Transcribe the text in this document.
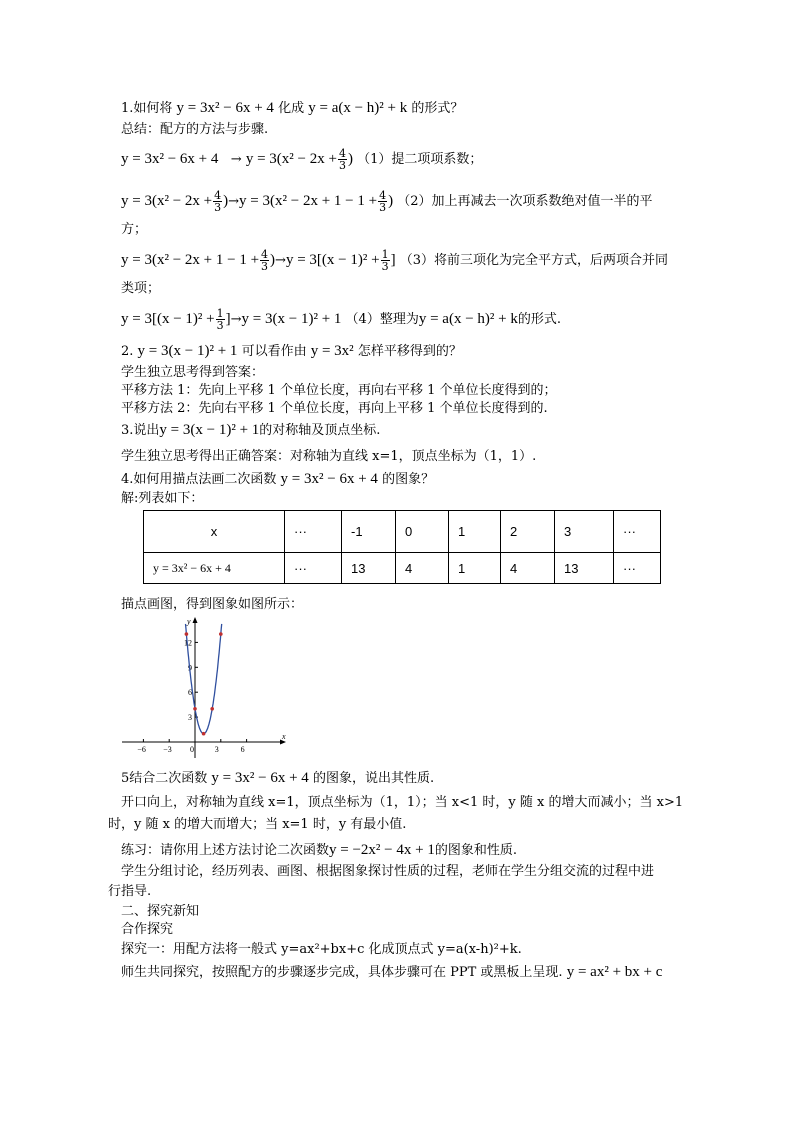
1.如何将 y = 3x² − 6x + 4 化成 y = a(x − h)² + k 的形式？
总结：配方的方法与步骤.
$y = 3x^2 - 6x + 4 \to y = 3(x^2 - 2x + \frac{4}{3}$ ) （1）提二项项系数；
$y = 3(x^2 - 2x + \frac{4}{3} )\to y = 3(x^2 - 2x + 1 - 1 + \frac{4}{3}$ ) （2）加上再减去一次项系数绝对值一半的平
方；
$y = 3(x^2 - 2x + 1 - 1 + \frac{4}{3} )\to y = 3[(x - 1)^2 + \frac{1}{3}$ ] （3）将前三项化为完全平方式，后两项合并同
类项；
$y = 3[(x - 1)^2 + \frac{1}{3} ]\to y = 3(x - 1)^2 + 1$ （4）整理为y = a(x − h)² + k的形式.
2. y = 3(x − 1)² + 1 可以看作由 y = 3x² 怎样平移得到的？
学生独立思考得到答案：
平移方法 1：先向上平移 1 个单位长度，再向右平移 1 个单位长度得到的；
平移方法 2：先向右平移 1 个单位长度，再向上平移 1 个单位长度得到的.
3.说出y = 3(x − 1)² + 1的对称轴及顶点坐标.
学生独立思考得出正确答案：对称轴为直线 x=1，顶点坐标为（1，1）.
4.如何用描点法画二次函数 y = 3x² − 6x + 4 的图象？
解:列表如下：
x	···	-1	0	1	2	3	···
y = 3x² − 6x + 4	···	13	4	1	4	13	···
描点画图，得到图象如图所示：
x
y
−6 −3 0	3	6
3
6
9
12
5结合二次函数 y = 3x² − 6x + 4 的图象，说出其性质.
开口向上，对称轴为直线 x=1，顶点坐标为（1，1）；当 x<1 时，y 随 x 的增大而减小；当 x>1
时，y 随 x 的增大而增大；当 x=1 时，y 有最小值.
练习：请你用上述方法讨论二次函数y = −2x² − 4x + 1的图象和性质.
学生分组讨论，经历列表、画图、根据图象探讨性质的过程，老师在学生分组交流的过程中进
行指导.
二、探究新知
合作探究
探究一：用配方法将一般式 y=ax²+bx+c 化成顶点式 y=a(x-h)²+k.
师生共同探究，按照配方的步骤逐步完成，具体步骤可在 PPT 或黑板上呈现. y = ax² + bx + c
